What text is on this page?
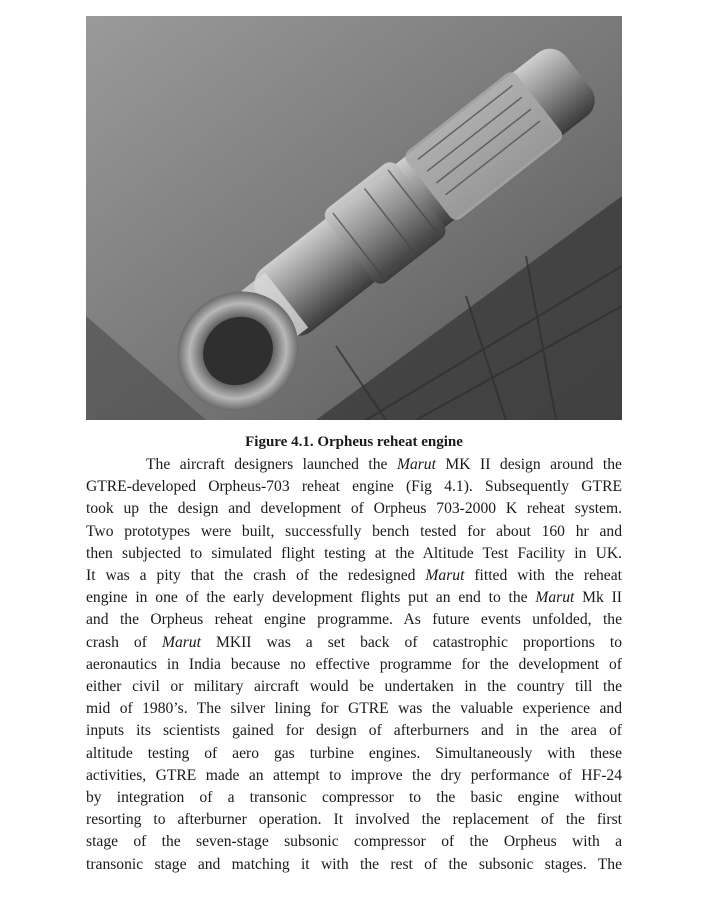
Figure 4.1. Orpheus reheat engine
The aircraft designers launched the Marut MK II design around the
GTRE-developed Orpheus-703 reheat engine (Fig 4.1). Subsequently GTRE
took up the design and development of Orpheus 703-2000 K reheat system.
Two prototypes were built, successfully bench tested for about 160 hr and
then subjected to simulated flight testing at the Altitude Test Facility in UK.
It was a pity that the crash of the redesigned Marut fitted with the reheat
engine in one of the early development flights put an end to the Marut Mk II
and the Orpheus reheat engine programme. As future events unfolded, the
crash of Marut MKII was a set back of catastrophic proportions to
aeronautics in India because no effective programme for the development of
either civil or military aircraft would be undertaken in the country till the
mid of 1980’s. The silver lining for GTRE was the valuable experience and
inputs its scientists gained for design of afterburners and in the area of
altitude testing of aero gas turbine engines. Simultaneously with these
activities, GTRE made an attempt to improve the dry performance of HF-24
by integration of a transonic compressor to the basic engine without
resorting to afterburner operation. It involved the replacement of the first
stage of the seven-stage subsonic compressor of the Orpheus with a
transonic stage and matching it with the rest of the subsonic stages. The
